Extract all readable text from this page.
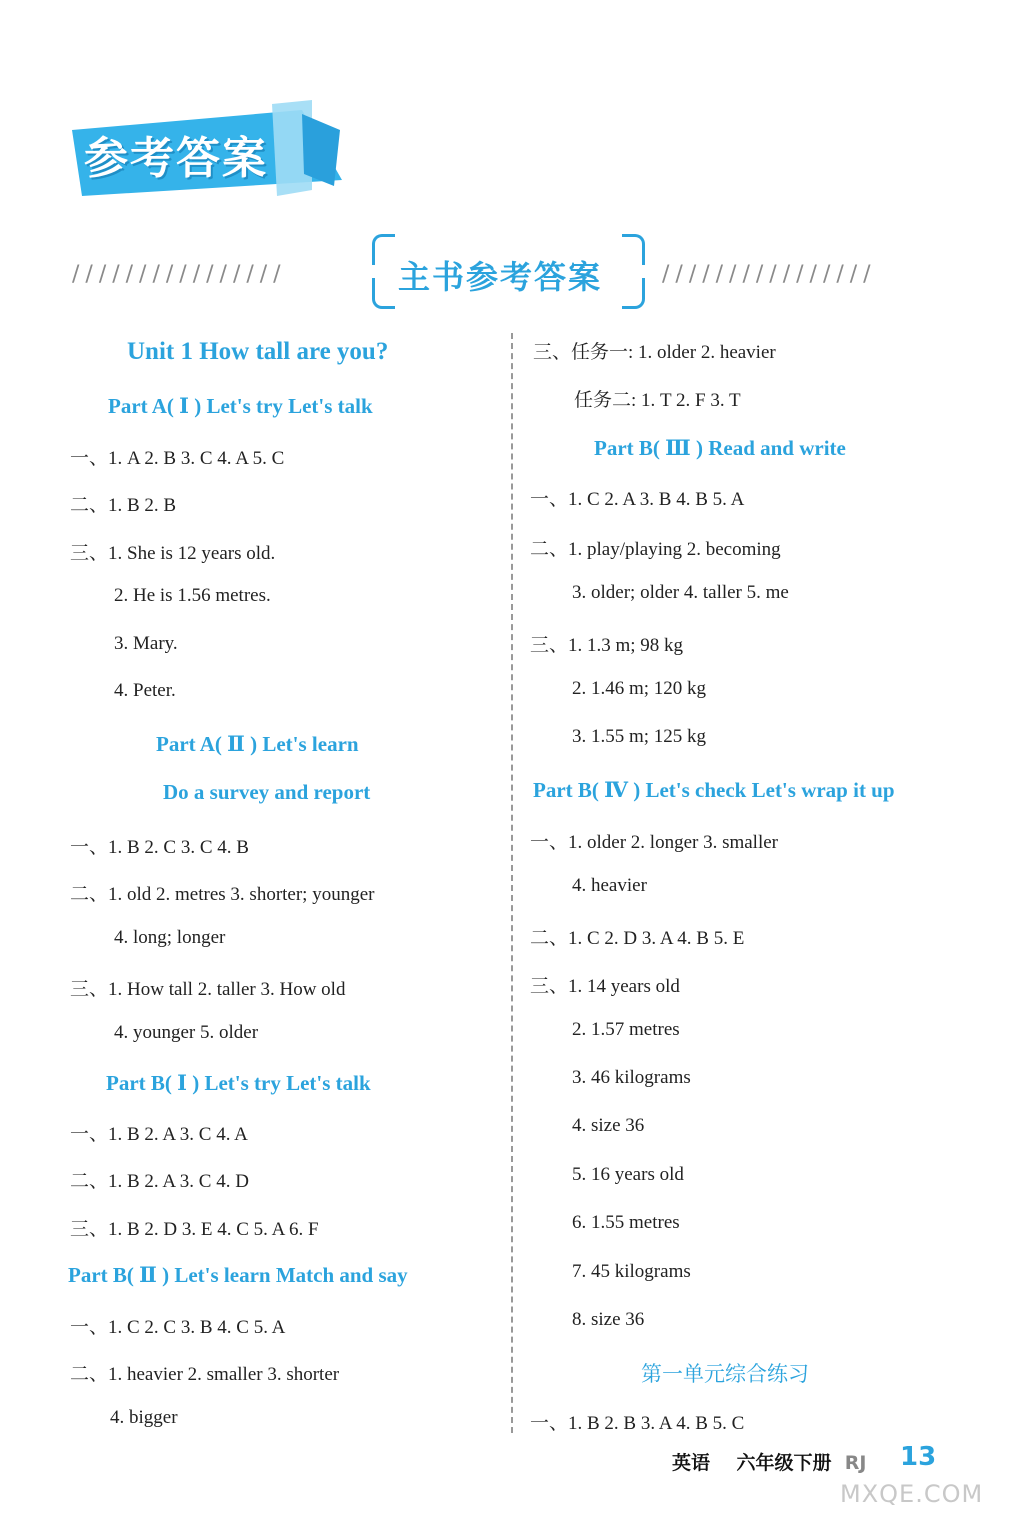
参考答案
////////////////	主书参考答案	////////////////
Unit 1 How tall are you?
Part A( Ⅰ ) Let's try Let's talk
一、1. A 2. B 3. C 4. A 5. C
二、1. B 2. B
三、1. She is 12 years old.
2. He is 1.56 metres.
3. Mary.
4. Peter.
Part A( Ⅱ ) Let's learn
Do a survey and report
一、1. B 2. C 3. C 4. B
二、1. old 2. metres 3. shorter; younger
4. long; longer
三、1. How tall 2. taller 3. How old
4. younger 5. older
Part B( Ⅰ ) Let's try Let's talk
一、1. B 2. A 3. C 4. A
二、1. B 2. A 3. C 4. D
三、1. B 2. D 3. E 4. C 5. A 6. F
Part B( Ⅱ ) Let's learn Match and say
一、1. C 2. C 3. B 4. C 5. A
二、1. heavier 2. smaller 3. shorter
4. bigger
三、任务一: 1. older 2. heavier
任务二: 1. T 2. F 3. T
Part B( Ⅲ ) Read and write
一、1. C 2. A 3. B 4. B 5. A
二、1. play/playing 2. becoming
3. older; older 4. taller 5. me
三、1. 1.3 m; 98 kg
2. 1.46 m; 120 kg
3. 1.55 m; 125 kg
Part B( Ⅳ ) Let's check Let's wrap it up
一、1. older 2. longer 3. smaller
4. heavier
二、1. C 2. D 3. A 4. B 5. E
三、1. 14 years old
2. 1.57 metres
3. 46 kilograms
4. size 36
5. 16 years old
6. 1.55 metres
7. 45 kilograms
8. size 36
第一单元综合练习
一、1. B 2. B 3. A 4. B 5. C
英语 六年级下册 RJ 13
MXQE.COM
